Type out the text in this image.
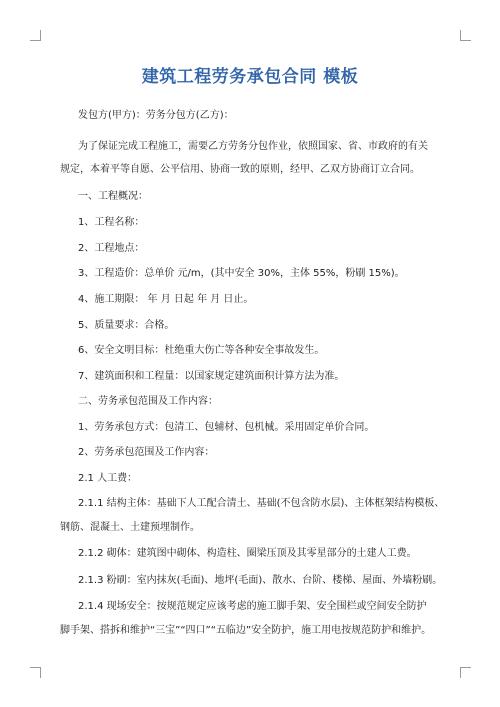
建筑工程劳务承包合同 模板
发包方(甲方)：劳务分包方(乙方)：
为了保证完成工程施工，需要乙方劳务分包作业，依照国家、省、市政府的有关
规定，本着平等自愿、公平信用、协商一致的原则，经甲、乙双方协商订立合同。
一、工程概况：
1、工程名称：
2、工程地点：
3、工程造价：总单价 元/m，(其中安全 30%，主体 55%，粉刷 15%)。
4、施工期限： 年 月 日起 年 月 日止。
5、质量要求：合格。
6、安全文明目标：杜绝重大伤亡等各种安全事故发生。
7、建筑面积和工程量：以国家规定建筑面积计算方法为准。
二、劳务承包范围及工作内容：
1、劳务承包方式：包清工、包辅材、包机械。采用固定单价合同。
2、劳务承包范围及工作内容：
2.1 人工费：
2.1.1 结构主体：基础下人工配合清土、基础(不包含防水层)、主体框架结构模板、
钢筋、混凝土、土建预埋制作。
2.1.2 砌体：建筑图中砌体、构造柱、圈梁压顶及其零星部分的土建人工费。
2.1.3 粉刷：室内抹灰(毛面)、地坪(毛面)、散水、台阶、楼梯、屋面、外墙粉刷。
2.1.4 现场安全：按规范规定应该考虑的施工脚手架、安全围栏或空间安全防护
脚手架、搭拆和维护“三宝”“四口”“五临边”安全防护，施工用电按规范防护和维护。
